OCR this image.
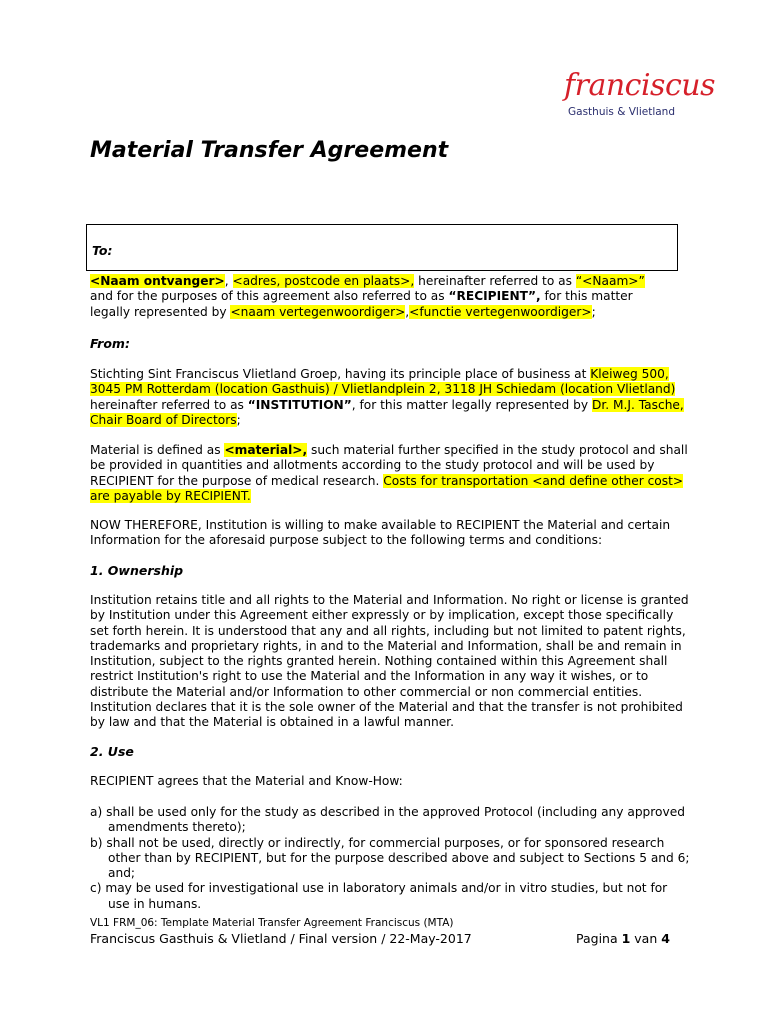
franciscus
Gasthuis & Vlietland
Material Transfer Agreement
To:
<Naam ontvanger>, <adres, postcode en plaats>, hereinafter referred to as “<Naam>”
and for the purposes of this agreement also referred to as “RECIPIENT”, for this matter
legally represented by <naam vertegenwoordiger>,<functie vertegenwoordiger>;
From:
Stichting Sint Franciscus Vlietland Groep, having its principle place of business at Kleiweg 500, 3045 PM Rotterdam (location Gasthuis) / Vlietlandplein 2, 3118 JH Schiedam (location Vlietland) hereinafter referred to as “INSTITUTION”, for this matter legally represented by Dr. M.J. Tasche, Chair Board of Directors;
Material is defined as <material>, such material further specified in the study protocol and shall be provided in quantities and allotments according to the study protocol and will be used by RECIPIENT for the purpose of medical research. Costs for transportation <and define other cost> are payable by RECIPIENT.
NOW THEREFORE, Institution is willing to make available to RECIPIENT the Material and certain Information for the aforesaid purpose subject to the following terms and conditions:
1. Ownership
Institution retains title and all rights to the Material and Information. No right or license is granted by Institution under this Agreement either expressly or by implication, except those specifically set forth herein. It is understood that any and all rights, including but not limited to patent rights, trademarks and proprietary rights, in and to the Material and Information, shall be and remain in Institution, subject to the rights granted herein. Nothing contained within this Agreement shall restrict Institution's right to use the Material and the Information in any way it wishes, or to distribute the Material and/or Information to other commercial or non commercial entities. Institution declares that it is the sole owner of the Material and that the transfer is not prohibited by law and that the Material is obtained in a lawful manner.
2. Use
RECIPIENT agrees that the Material and Know-How:
a) shall be used only for the study as described in the approved Protocol (including any approved amendments thereto);
b) shall not be used, directly or indirectly, for commercial purposes, or for sponsored research other than by RECIPIENT, but for the purpose described above and subject to Sections 5 and 6; and;
c) may be used for investigational use in laboratory animals and/or in vitro studies, but not for use in humans.
VL1 FRM_06: Template Material Transfer Agreement Franciscus (MTA)
Franciscus Gasthuis & Vlietland / Final version / 22-May-2017	Pagina 1 van 4
